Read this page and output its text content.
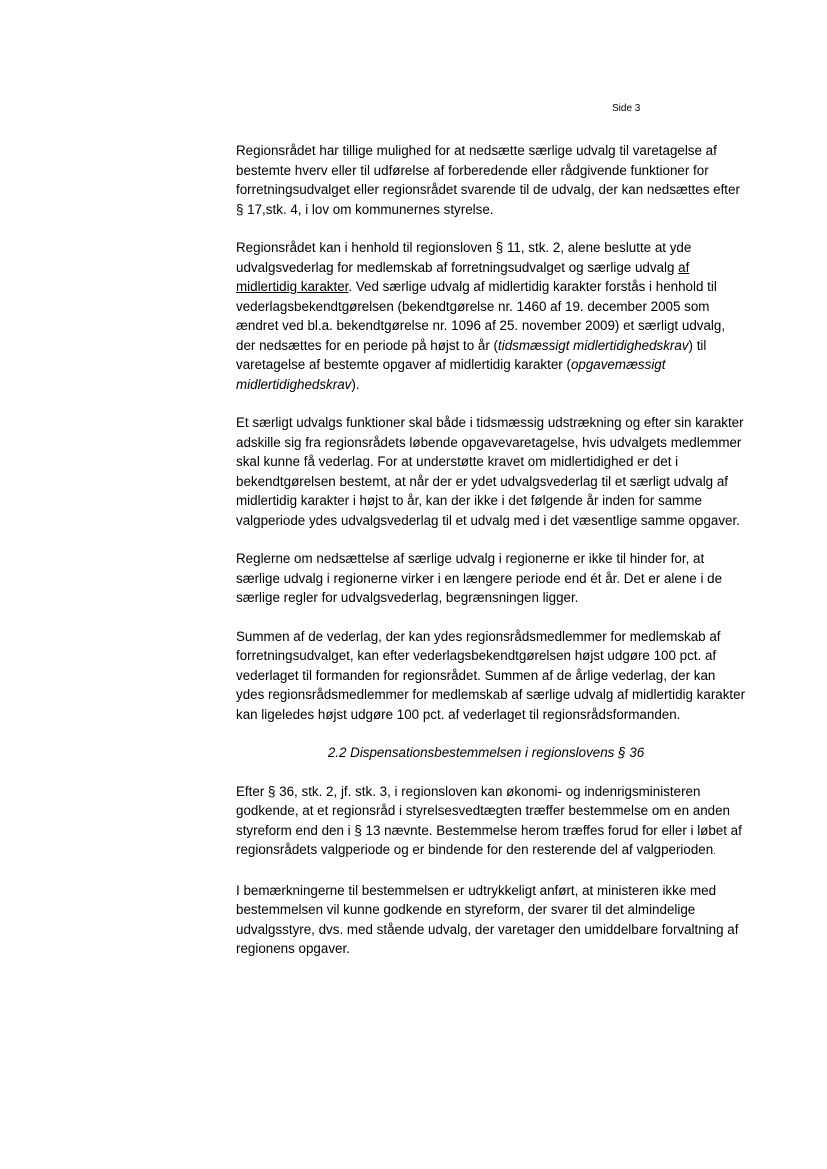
Side 3

Regionsrådet har tillige mulighed for at nedsætte særlige udvalg til varetagelse af bestemte hverv eller til udførelse af forberedende eller rådgivende funktioner for forretningsudvalget eller regionsrådet svarende til de udvalg, der kan nedsættes efter § 17,stk. 4, i lov om kommunernes styrelse.

Regionsrådet kan i henhold til regionsloven § 11, stk. 2, alene beslutte at yde udvalgsvederlag for medlemskab af forretningsudvalget og særlige udvalg af midlertidig karakter. Ved særlige udvalg af midlertidig karakter forstås i henhold til vederlagsbekendtgørelsen (bekendtgørelse nr. 1460 af 19. december 2005 som ændret ved bl.a. bekendtgørelse nr. 1096 af 25. november 2009) et særligt udvalg, der nedsættes for en periode på højst to år (tidsmæssigt midlertidighedskrav) til varetagelse af bestemte opgaver af midlertidig karakter (opgavemæssigt midlertidighedskrav).

Et særligt udvalgs funktioner skal både i tidsmæssig udstrækning og efter sin karakter adskille sig fra regionsrådets løbende opgavevaretagelse, hvis udvalgets medlemmer skal kunne få vederlag. For at understøtte kravet om midlertidighed er det i bekendtgørelsen bestemt, at når der er ydet udvalgsvederlag til et særligt udvalg af midlertidig karakter i højst to år, kan der ikke i det følgende år inden for samme valgperiode ydes udvalgsvederlag til et udvalg med i det væsentlige samme opgaver.

Reglerne om nedsættelse af særlige udvalg i regionerne er ikke til hinder for, at særlige udvalg i regionerne virker i en længere periode end ét år. Det er alene i de særlige regler for udvalgsvederlag, begrænsningen ligger.

Summen af de vederlag, der kan ydes regionsrådsmedlemmer for medlemskab af forretningsudvalget, kan efter vederlagsbekendtgørelsen højst udgøre 100 pct. af vederlaget til formanden for regionsrådet. Summen af de årlige vederlag, der kan ydes regionsrådsmedlemmer for medlemskab af særlige udvalg af midlertidig karakter kan ligeledes højst udgøre 100 pct. af vederlaget til regionsrådsformanden.

2.2 Dispensationsbestemmelsen i regionslovens § 36

Efter § 36, stk. 2, jf. stk. 3, i regionsloven kan økonomi- og indenrigsministeren godkende, at et regionsråd i styrelsesvedtægten træffer bestemmelse om en anden styreform end den i § 13 nævnte. Bestemmelse herom træffes forud for eller i løbet af regionsrådets valgperiode og er bindende for den resterende del af valgperioden.

I bemærkningerne til bestemmelsen er udtrykkeligt anført, at ministeren ikke med bestemmelsen vil kunne godkende en styreform, der svarer til det almindelige udvalgsstyre, dvs. med stående udvalg, der varetager den umiddelbare forvaltning af regionens opgaver.
